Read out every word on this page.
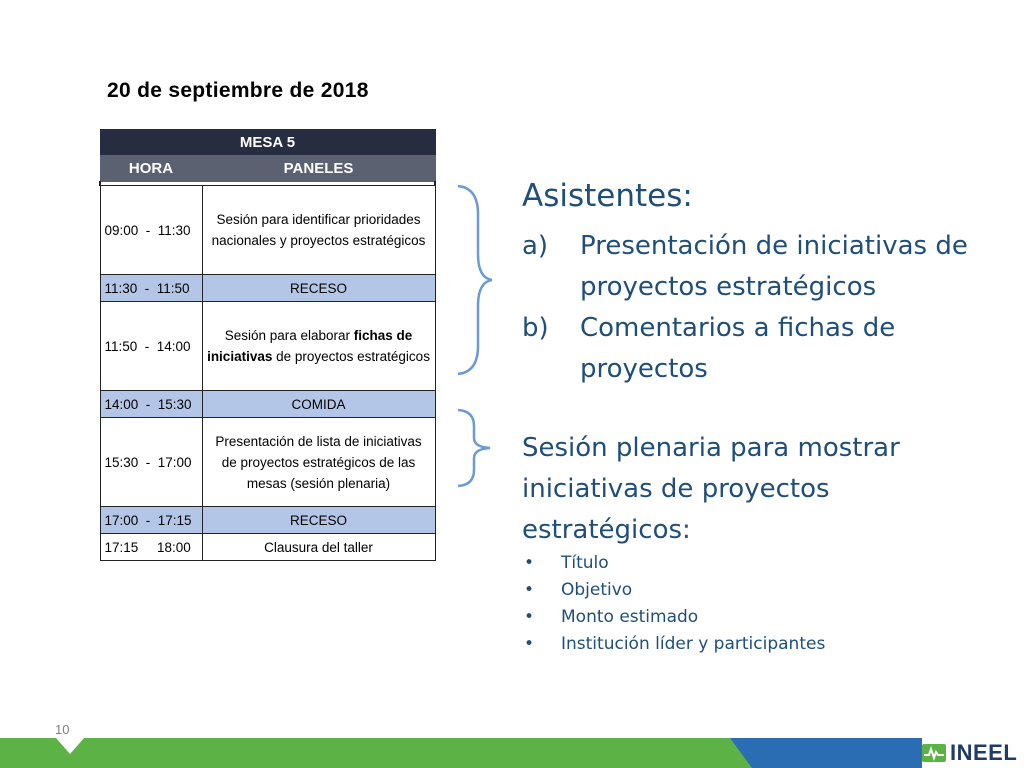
20 de septiembre de 2018
MESA 5	
HORA	PANELES

09:00  -  11:30	Sesión para identificar prioridades nacionales y proyectos estratégicos
11:30  -  11:50	RECESO
11:50  -  14:00	Sesión para elaborar fichas de iniciativas de proyectos estratégicos
14:00  -  15:30	COMIDA
15:30  -  17:00	Presentación de lista de iniciativas de proyectos estratégicos de las mesas (sesión plenaria)
17:00  -  17:15	RECESO
17:15     18:00	Clausura del taller
Asistentes:
a) Presentación de iniciativas de proyectos estratégicos
b) Comentarios a fichas de proyectos
Sesión plenaria para mostrar iniciativas de proyectos estratégicos:
• Título
• Objetivo
• Monto estimado
• Institución líder y participantes
10
INEEL
